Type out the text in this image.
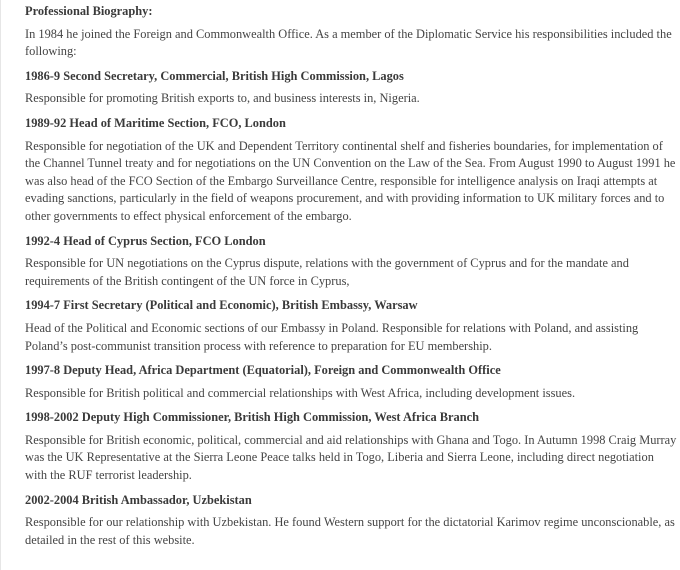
Professional Biography:

In 1984 he joined the Foreign and Commonwealth Office. As a member of the Diplomatic Service his responsibilities included the following:

1986-9 Second Secretary, Commercial, British High Commission, Lagos

Responsible for promoting British exports to, and business interests in, Nigeria.

1989-92 Head of Maritime Section, FCO, London

Responsible for negotiation of the UK and Dependent Territory continental shelf and fisheries boundaries, for implementation of the Channel Tunnel treaty and for negotiations on the UN Convention on the Law of the Sea. From August 1990 to August 1991 he was also head of the FCO Section of the Embargo Surveillance Centre, responsible for intelligence analysis on Iraqi attempts at evading sanctions, particularly in the field of weapons procurement, and with providing information to UK military forces and to other governments to effect physical enforcement of the embargo.

1992-4 Head of Cyprus Section, FCO London

Responsible for UN negotiations on the Cyprus dispute, relations with the government of Cyprus and for the mandate and requirements of the British contingent of the UN force in Cyprus,

1994-7 First Secretary (Political and Economic), British Embassy, Warsaw

Head of the Political and Economic sections of our Embassy in Poland. Responsible for relations with Poland, and assisting Poland’s post-communist transition process with reference to preparation for EU membership.

1997-8 Deputy Head, Africa Department (Equatorial), Foreign and Commonwealth Office

Responsible for British political and commercial relationships with West Africa, including development issues.

1998-2002 Deputy High Commissioner, British High Commission, West Africa Branch

Responsible for British economic, political, commercial and aid relationships with Ghana and Togo. In Autumn 1998 Craig Murray was the UK Representative at the Sierra Leone Peace talks held in Togo, Liberia and Sierra Leone, including direct negotiation with the RUF terrorist leadership.

2002-2004 British Ambassador, Uzbekistan

Responsible for our relationship with Uzbekistan. He found Western support for the dictatorial Karimov regime unconscionable, as detailed in the rest of this website.
